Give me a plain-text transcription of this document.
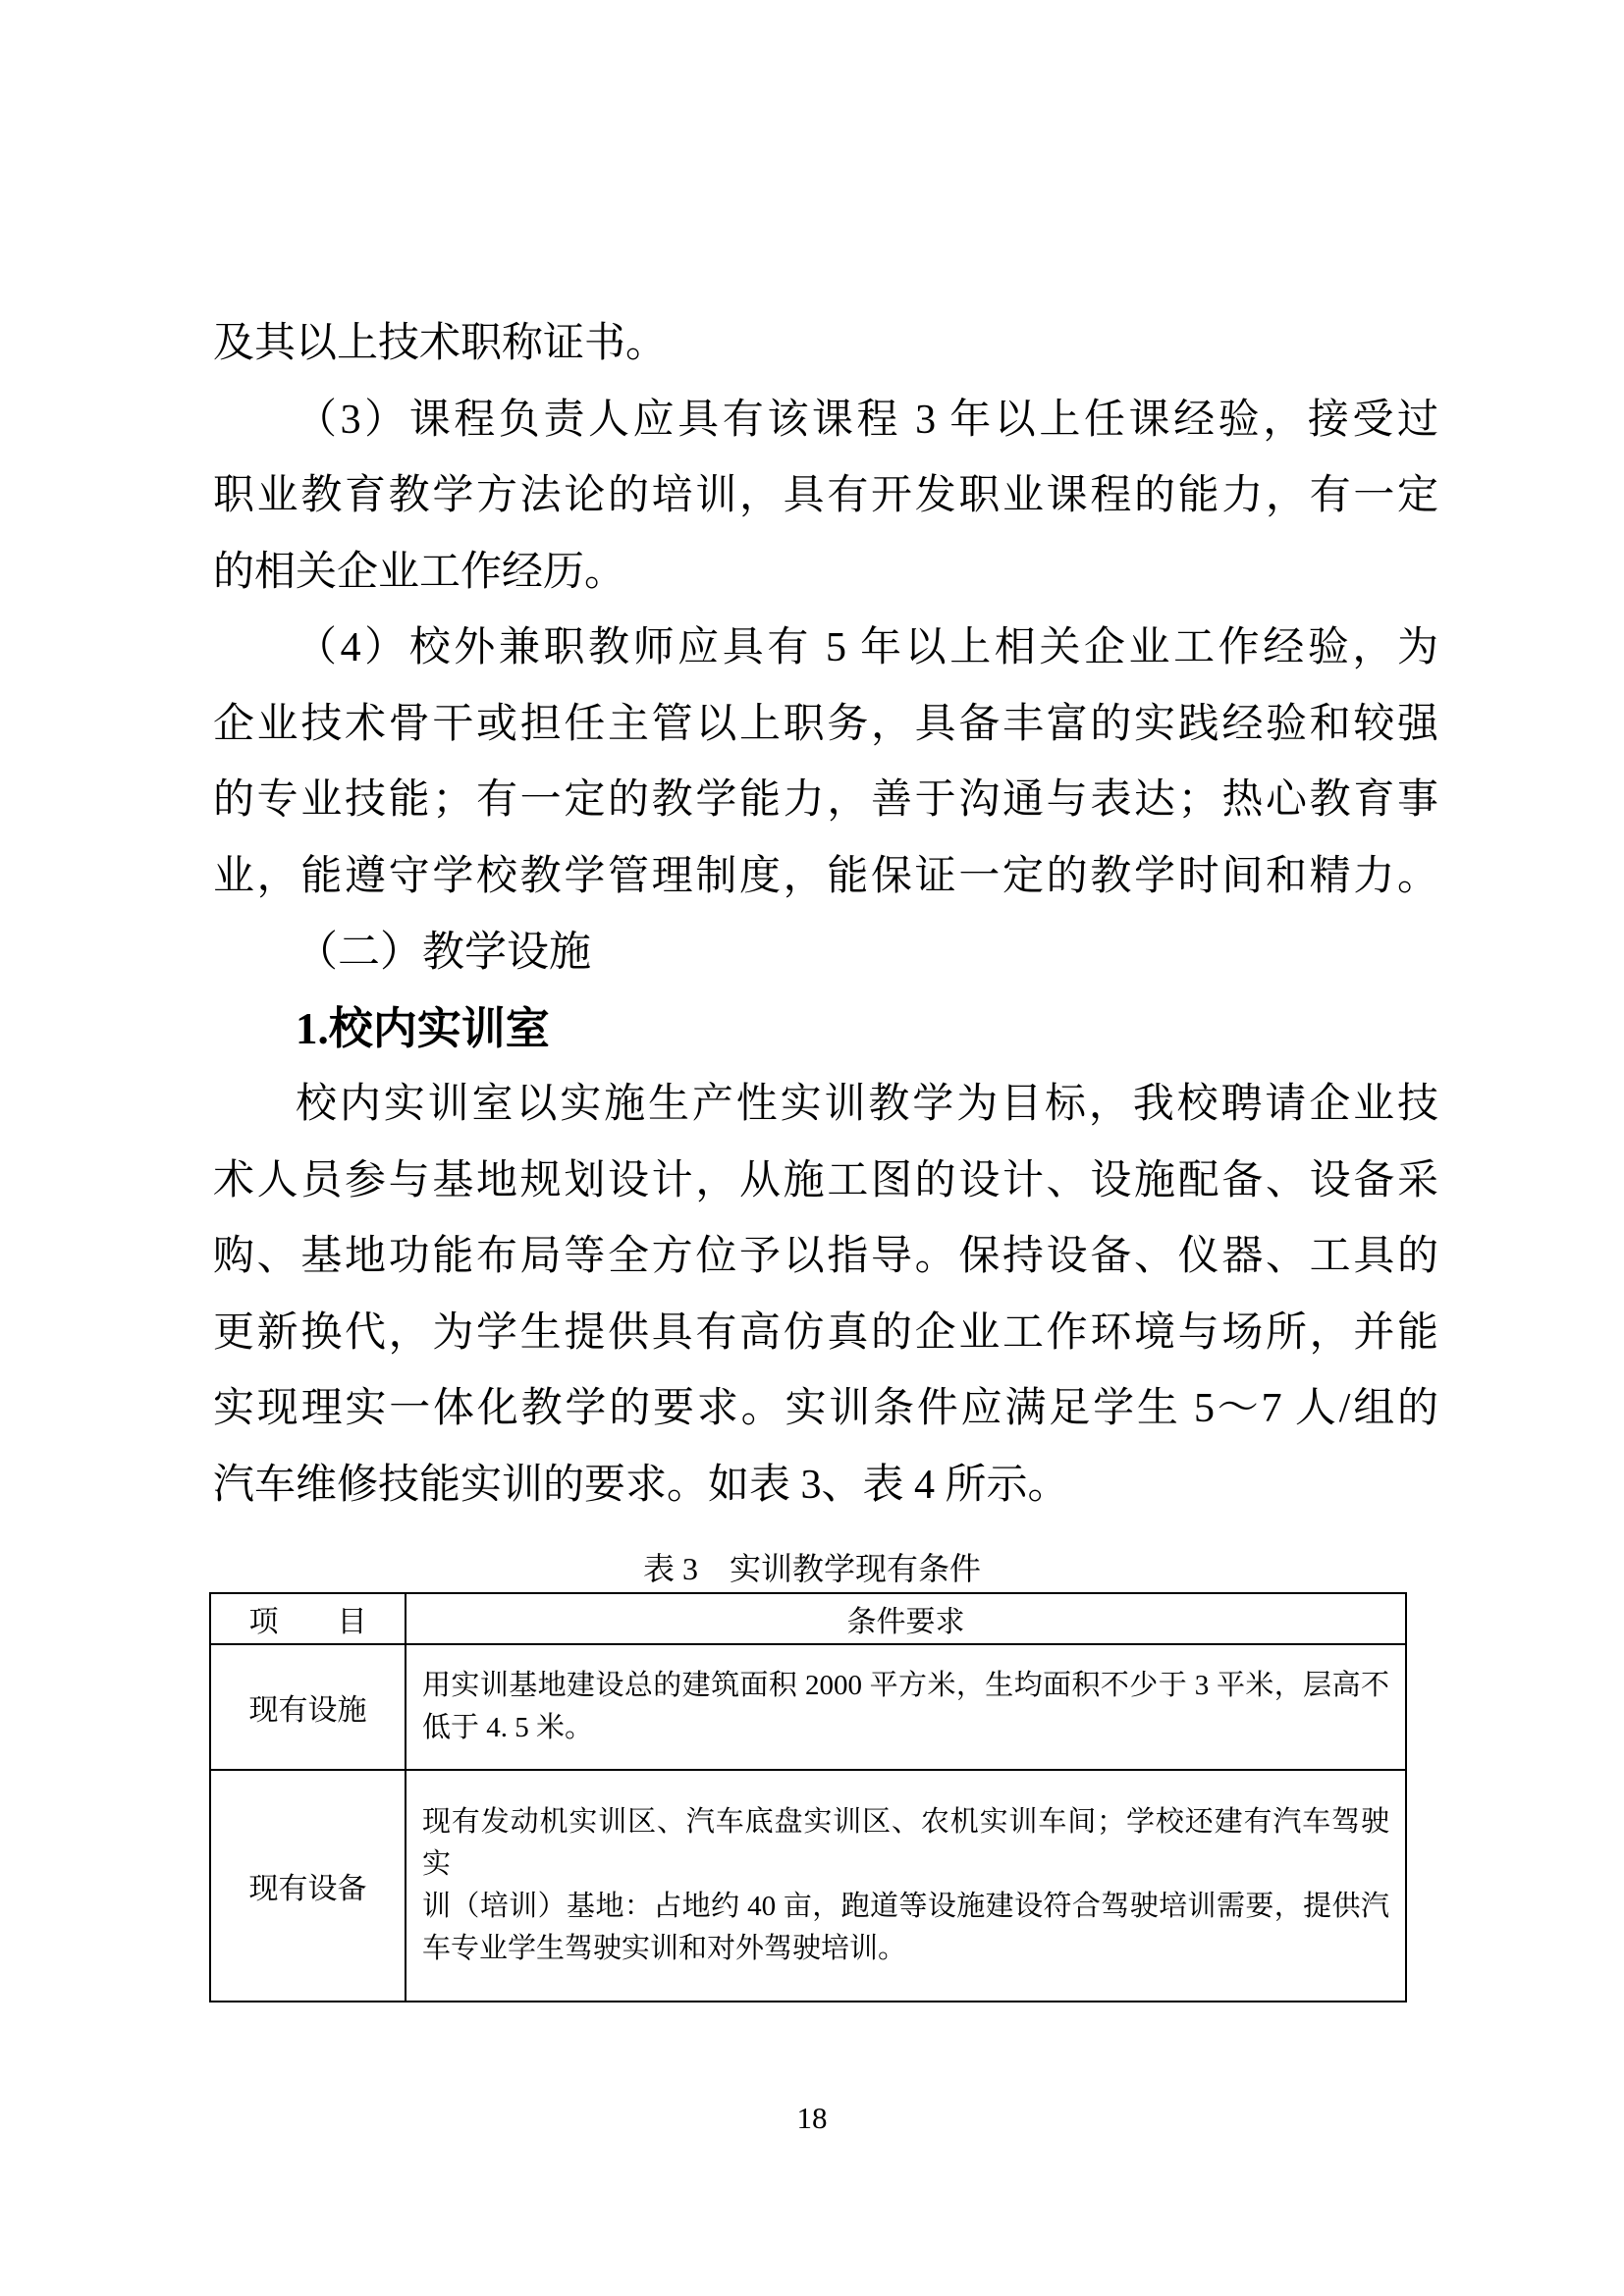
及其以上技术职称证书。
（3）课程负责人应具有该课程 3 年以上任课经验，接受过
职业教育教学方法论的培训，具有开发职业课程的能力，有一定
的相关企业工作经历。
（4）校外兼职教师应具有 5 年以上相关企业工作经验，为
企业技术骨干或担任主管以上职务，具备丰富的实践经验和较强
的专业技能；有一定的教学能力，善于沟通与表达；热心教育事
业，能遵守学校教学管理制度，能保证一定的教学时间和精力。
（二）教学设施
1.校内实训室
校内实训室以实施生产性实训教学为目标，我校聘请企业技
术人员参与基地规划设计，从施工图的设计、设施配备、设备采
购、基地功能布局等全方位予以指导。保持设备、仪器、工具的
更新换代，为学生提供具有高仿真的企业工作环境与场所，并能
实现理实一体化教学的要求。实训条件应满足学生 5～7 人/组的
汽车维修技能实训的要求。如表 3、表 4 所示。
表 3　实训教学现有条件
项　　目	条件要求
现有设施	用实训基地建设总的建筑面积 2000 平方米，生均面积不少于 3 平米，层高不
低于 4. 5 米。

现有设备	现有发动机实训区、汽车底盘实训区、农机实训车间；学校还建有汽车驾驶实
训（培训）基地：占地约 40 亩，跑道等设施建设符合驾驶培训需要，提供汽
车专业学生驾驶实训和对外驾驶培训。
18
